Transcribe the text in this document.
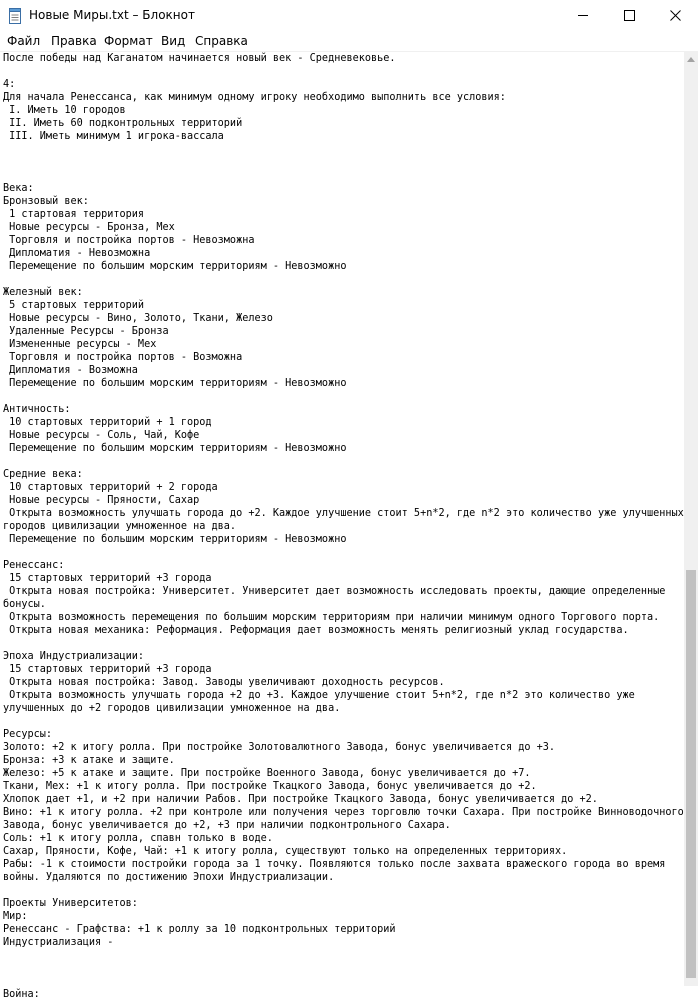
Новые Миры.txt – Блокнот
Файл Правка Формат Вид Справка
После победы над Каганатом начинается новый век - Средневековье.
4:
Для начала Ренессанса, как минимум одному игроку необходимо выполнить все условия:
I. Иметь 10 городов
II. Иметь 60 подконтрольных территорий
III. Иметь минимум 1 игрока-вассала
Века:
Бронзовый век:
1 стартовая территория
Новые ресурсы - Бронза, Мех
Торговля и постройка портов - Невозможна
Дипломатия - Невозможна
Перемещение по большим морским территориям - Невозможно
Железный век:
5 стартовых территорий
Новые ресурсы - Вино, Золото, Ткани, Железо
Удаленные Ресурсы - Бронза
Измененные ресурсы - Мех
Торговля и постройка портов - Возможна
Дипломатия - Возможна
Перемещение по большим морским территориям - Невозможно
Античность:
10 стартовых территорий + 1 город
Новые ресурсы - Соль, Чай, Кофе
Перемещение по большим морским территориям - Невозможно
Средние века:
10 стартовых территорий + 2 города
Новые ресурсы - Пряности, Сахар
Открыта возможность улучшать города до +2. Каждое улучшение стоит 5+n*2, где n*2 это количество уже улучшенных
городов цивилизации умноженное на два.
Перемещение по большим морским территориям - Невозможно
Ренессанс:
15 стартовых территорий +3 города
Открыта новая постройка: Университет. Университет дает возможность исследовать проекты, дающие определенные
бонусы.
Открыта возможность перемещения по большим морским территориям при наличии минимум одного Торгового порта.
Открыта новая механика: Реформация. Реформация дает возможность менять религиозный уклад государства.
Эпоха Индустриализации:
15 стартовых территорий +3 города
Открыта новая постройка: Завод. Заводы увеличивают доходность ресурсов.
Открыта возможность улучшать города +2 до +3. Каждое улучшение стоит 5+n*2, где n*2 это количество уже
улучшенных до +2 городов цивилизации умноженное на два.
Ресурсы:
Золото: +2 к итогу ролла. При постройке Золотовалютного Завода, бонус увеличивается до +3.
Бронза: +3 к атаке и защите.
Железо: +5 к атаке и защите. При постройке Военного Завода, бонус увеличивается до +7.
Ткани, Мех: +1 к итогу ролла. При постройке Ткацкого Завода, бонус увеличивается до +2.
Хлопок дает +1, и +2 при наличии Рабов. При постройке Ткацкого Завода, бонус увеличивается до +2.
Вино: +1 к итогу ролла. +2 при контроле или получения через торговлю точки Сахара. При постройке Винноводочного
Завода, бонус увеличивается до +2, +3 при наличии подконтрольного Сахара.
Соль: +1 к итогу ролла, спавн только в воде.
Сахар, Пряности, Кофе, Чай: +1 к итогу ролла, существуют только на определенных территориях.
Рабы: -1 к стоимости постройки города за 1 точку. Появляются только после захвата вражеского города во время
войны. Удаляются по достижению Эпохи Индустриализации.
Проекты Университетов:
Мир:
Ренессанс - Графства: +1 к роллу за 10 подконтрольных территорий
Индустриализация -
Война:
